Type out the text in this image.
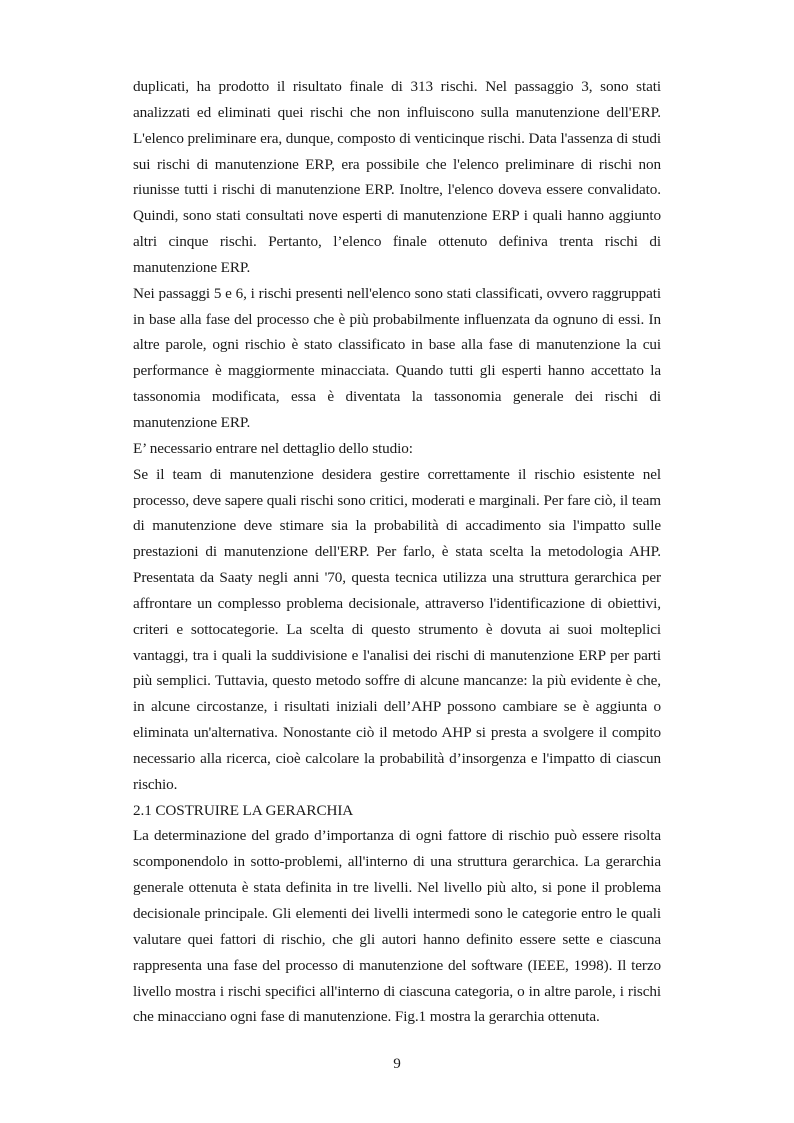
duplicati, ha prodotto il risultato finale di 313 rischi. Nel passaggio 3, sono stati analizzati ed eliminati quei rischi che non influiscono sulla manutenzione dell'ERP. L'elenco preliminare era, dunque, composto di venticinque rischi. Data l'assenza di studi sui rischi di manutenzione ERP, era possibile che l'elenco preliminare di rischi non riunisse tutti i rischi di manutenzione ERP. Inoltre, l'elenco doveva essere convalidato. Quindi, sono stati consultati nove esperti di manutenzione ERP i quali hanno aggiunto altri cinque rischi. Pertanto, l’elenco finale ottenuto definiva trenta rischi di manutenzione ERP.

Nei passaggi 5 e 6, i rischi presenti nell'elenco sono stati classificati, ovvero raggruppati in base alla fase del processo che è più probabilmente influenzata da ognuno di essi. In altre parole, ogni rischio è stato classificato in base alla fase di manutenzione la cui performance è maggiormente minacciata. Quando tutti gli esperti hanno accettato la tassonomia modificata, essa è diventata la tassonomia generale dei rischi di manutenzione ERP.

E’ necessario entrare nel dettaglio dello studio:

Se il team di manutenzione desidera gestire correttamente il rischio esistente nel processo, deve sapere quali rischi sono critici, moderati e marginali. Per fare ciò, il team di manutenzione deve stimare sia la probabilità di accadimento sia l'impatto sulle prestazioni di manutenzione dell'ERP. Per farlo, è stata scelta la metodologia AHP. Presentata da Saaty negli anni '70, questa tecnica utilizza una struttura gerarchica per affrontare un complesso problema decisionale, attraverso l'identificazione di obiettivi, criteri e sottocategorie. La scelta di questo strumento è dovuta ai suoi molteplici vantaggi, tra i quali la suddivisione e l'analisi dei rischi di manutenzione ERP per parti più semplici. Tuttavia, questo metodo soffre di alcune mancanze: la più evidente è che, in alcune circostanze, i risultati iniziali dell’AHP possono cambiare se è aggiunta o eliminata un'alternativa. Nonostante ciò il metodo AHP si presta a svolgere il compito necessario alla ricerca, cioè calcolare la probabilità d’insorgenza e l'impatto di ciascun rischio.

2.1 COSTRUIRE LA GERARCHIA

La determinazione del grado d’importanza di ogni fattore di rischio può essere risolta scomponendolo in sotto-problemi, all'interno di una struttura gerarchica. La gerarchia generale ottenuta è stata definita in tre livelli. Nel livello più alto, si pone il problema decisionale principale. Gli elementi dei livelli intermedi sono le categorie entro le quali valutare quei fattori di rischio, che gli autori hanno definito essere sette e ciascuna rappresenta una fase del processo di manutenzione del software (IEEE, 1998). Il terzo livello mostra i rischi specifici all'interno di ciascuna categoria, o in altre parole, i rischi che minacciano ogni fase di manutenzione. Fig.1 mostra la gerarchia ottenuta.

9
